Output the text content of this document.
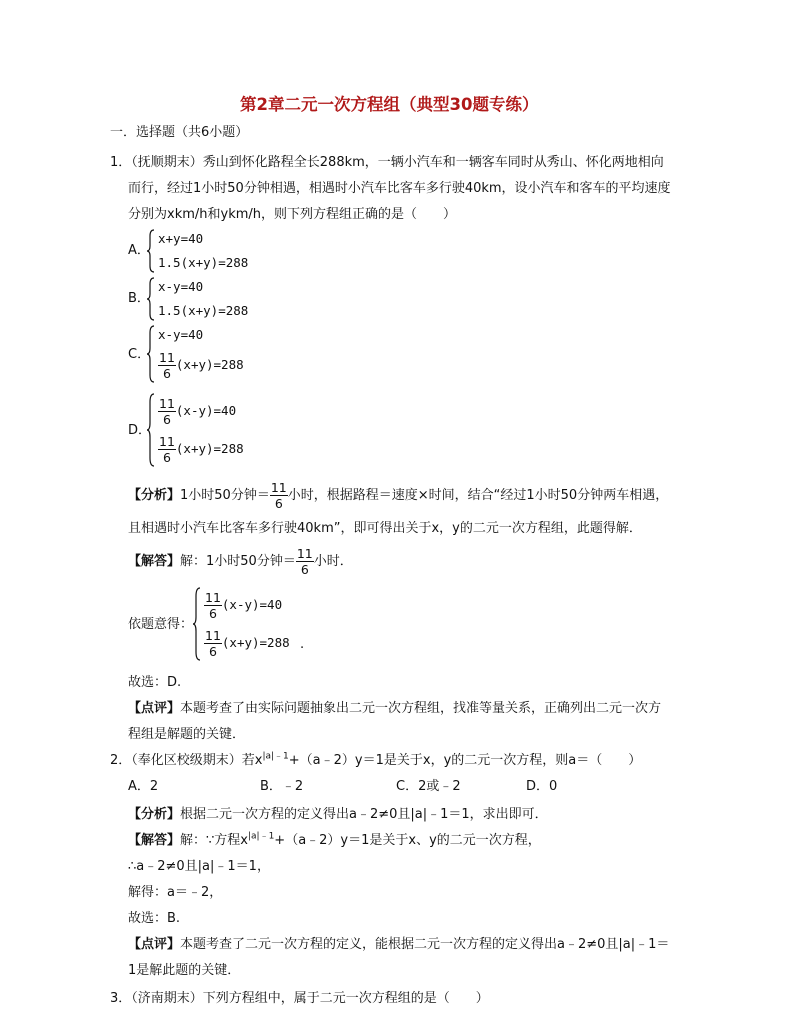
第2章二元一次方程组（典型30题专练）
一．选择题（共6小题）
1．（抚顺期末）秀山到怀化路程全长288km，一辆小汽车和一辆客车同时从秀山、怀化两地相向
而行，经过1小时50分钟相遇，相遇时小汽车比客车多行驶40km，设小汽车和客车的平均速度
分别为xkm/h和ykm/h，则下列方程组正确的是（　　）
A．
x+y=40
1.5(x+y)=288
B．
x-y=40
1.5(x+y)=288
C．
x-y=40
$\frac{11}{6} (x+y)=288$
D．
$\frac{11}{6} (x-y)=40$
$\frac{11}{6} (x+y)=288$
【分析】1小时50分钟＝ $\frac{11}{6}$ 小时，根据路程＝速度×时间，结合“经过1小时50分钟两车相遇，
且相遇时小汽车比客车多行驶40km”，即可得出关于x，y的二元一次方程组，此题得解．
【解答】解：1小时50分钟＝ $\frac{11}{6}$ 小时．
依题意得：
$\frac{11}{6} (x-y)=40$
$\frac{11}{6} (x+y)=288$ .
故选：D.
【点评】本题考查了由实际问题抽象出二元一次方程组，找准等量关系，正确列出二元一次方
程组是解题的关键．
2．（奉化区校级期末）若$x^{|a|﹣1}+(a﹣2)y=1$是关于x，y的二元一次方程，则a＝（　　）
A．2	B．﹣2	C．2或﹣2	D．0
【分析】根据二元一次方程的定义得出a﹣2≠0且|a|﹣1＝1，求出即可．
【解答】解：∵方程$x^{|a|﹣1}+(a﹣2)y=1$是关于x、y的二元一次方程，
∴a﹣2≠0且|a|﹣1＝1，
解得：a＝﹣2，
故选：B.
【点评】本题考查了二元一次方程的定义，能根据二元一次方程的定义得出a﹣2≠0且|a|﹣1＝
1是解此题的关键．
3．（济南期末）下列方程组中，属于二元一次方程组的是（　　）
